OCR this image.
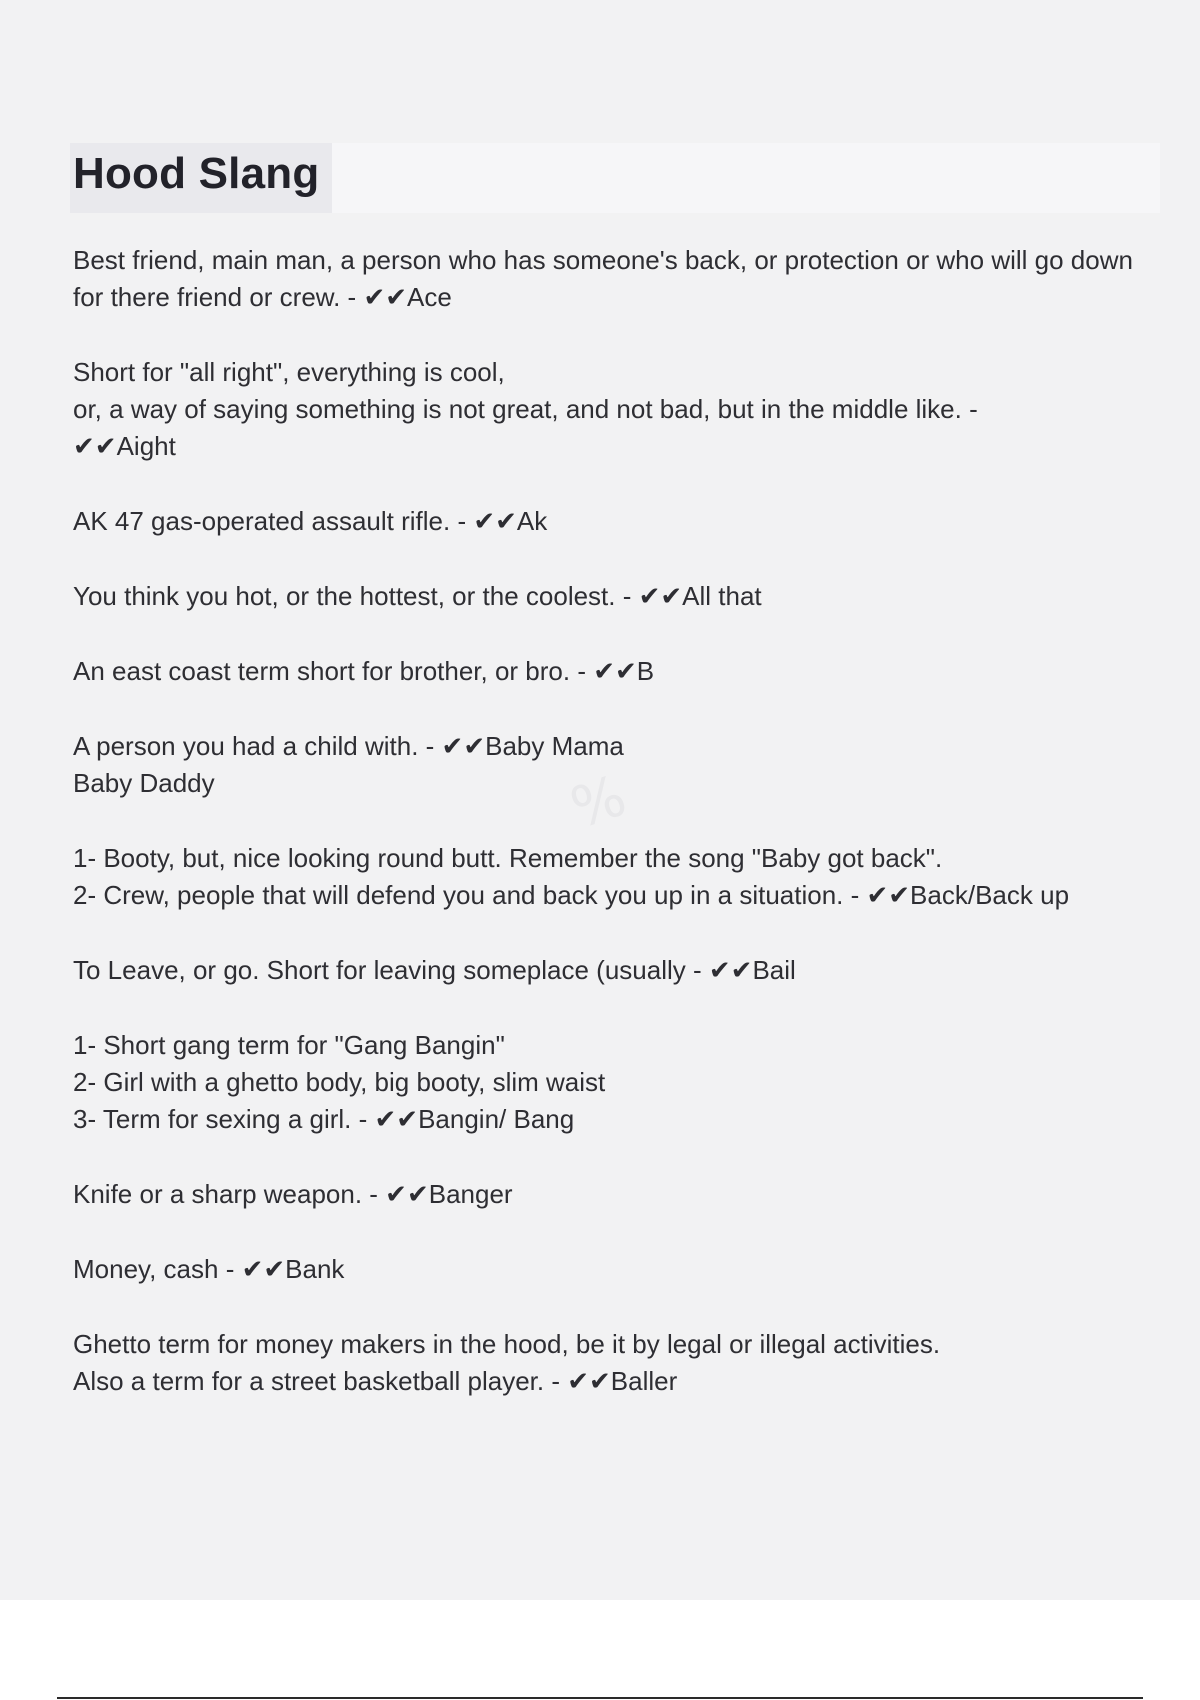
Hood Slang
%

Best friend, main man, a person who has someone's back, or protection or who will go down for there friend or crew. - ✔✔Ace

Short for "all right", everything is cool,
or, a way of saying something is not great, and not bad, but in the middle like. -
✔✔Aight

AK 47 gas-operated assault rifle. - ✔✔Ak

You think you hot, or the hottest, or the coolest. - ✔✔All that

An east coast term short for brother, or bro. - ✔✔B

A person you had a child with. - ✔✔Baby Mama
Baby Daddy

1- Booty, but, nice looking round butt. Remember the song "Baby got back".
2- Crew, people that will defend you and back you up in a situation. - ✔✔Back/Back up

To Leave, or go. Short for leaving someplace (usually - ✔✔Bail

1- Short gang term for "Gang Bangin"
2- Girl with a ghetto body, big booty, slim waist
3- Term for sexing a girl. - ✔✔Bangin/ Bang

Knife or a sharp weapon. - ✔✔Banger

Money, cash - ✔✔Bank

Ghetto term for money makers in the hood, be it by legal or illegal activities.
Also a term for a street basketball player. - ✔✔Baller
